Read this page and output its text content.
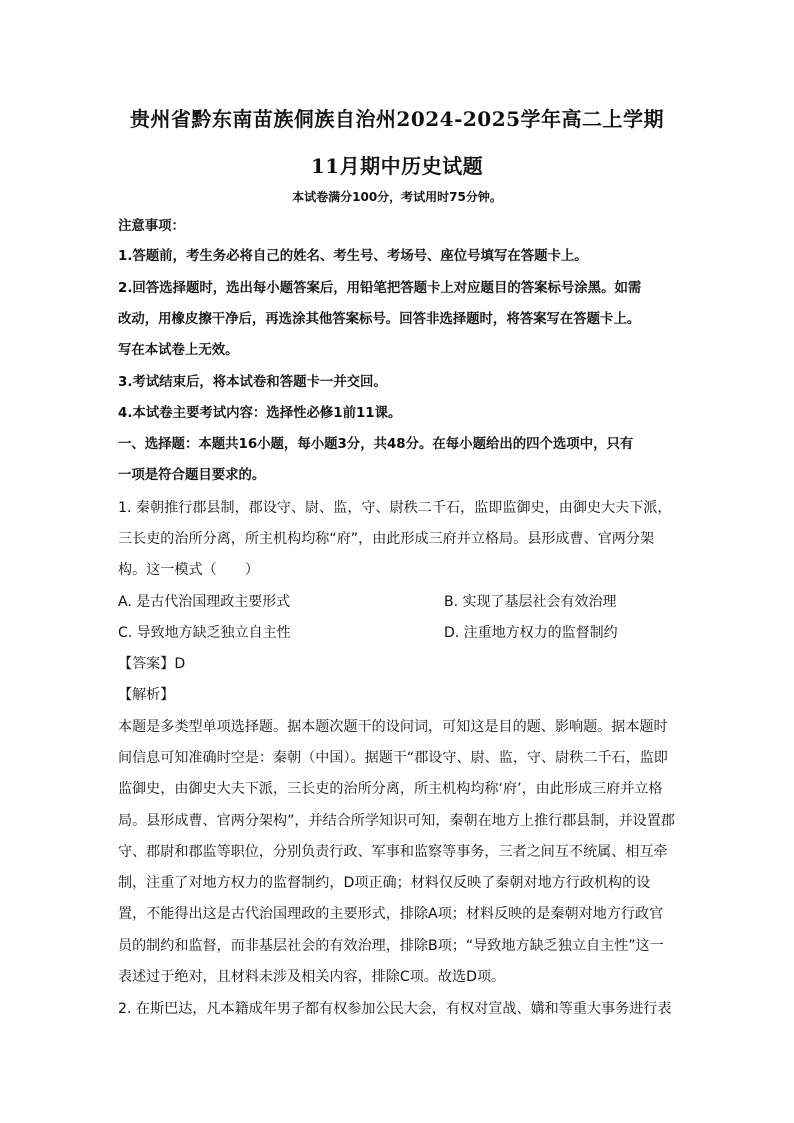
贵州省黔东南苗族侗族自治州2024-2025学年高二上学期
11月期中历史试题
本试卷满分100分，考试用时75分钟。
注意事项：
1.答题前，考生务必将自己的姓名、考生号、考场号、座位号填写在答题卡上。
2.回答选择题时，选出每小题答案后，用铅笔把答题卡上对应题目的答案标号涂黑。如需
改动，用橡皮擦干净后，再选涂其他答案标号。回答非选择题时，将答案写在答题卡上。
写在本试卷上无效。
3.考试结束后，将本试卷和答题卡一并交回。
4.本试卷主要考试内容：选择性必修1前11课。
一、选择题：本题共16小题，每小题3分，共48分。在每小题给出的四个选项中，只有
一项是符合题目要求的。
1. 秦朝推行郡县制，郡设守、尉、监，守、尉秩二千石，监即监御史，由御史大夫下派，
三长吏的治所分离，所主机构均称“府”，由此形成三府并立格局。县形成曹、官两分架
构。这一模式（　　）
A. 是古代治国理政主要形式	B. 实现了基层社会有效治理
C. 导致地方缺乏独立自主性	D. 注重地方权力的监督制约
【答案】D
【解析】
本题是多类型单项选择题。据本题次题干的设问词，可知这是目的题、影响题。据本题时
间信息可知准确时空是：秦朝（中国）。据题干“郡设守、尉、监，守、尉秩二千石，监即
监御史，由御史大夫下派，三长吏的治所分离，所主机构均称‘府’，由此形成三府并立格
局。县形成曹、官两分架构”，并结合所学知识可知，秦朝在地方上推行郡县制，并设置郡
守、郡尉和郡监等职位，分别负责行政、军事和监察等事务，三者之间互不统属、相互牵
制，注重了对地方权力的监督制约，D项正确；材料仅反映了秦朝对地方行政机构的设
置，不能得出这是古代治国理政的主要形式，排除A项；材料反映的是秦朝对地方行政官
员的制约和监督，而非基层社会的有效治理，排除B项；“导致地方缺乏独立自主性”这一
表述过于绝对，且材料未涉及相关内容，排除C项。故选D项。
2. 在斯巴达，凡本籍成年男子都有权参加公民大会，有权对宣战、媾和等重大事务进行表
